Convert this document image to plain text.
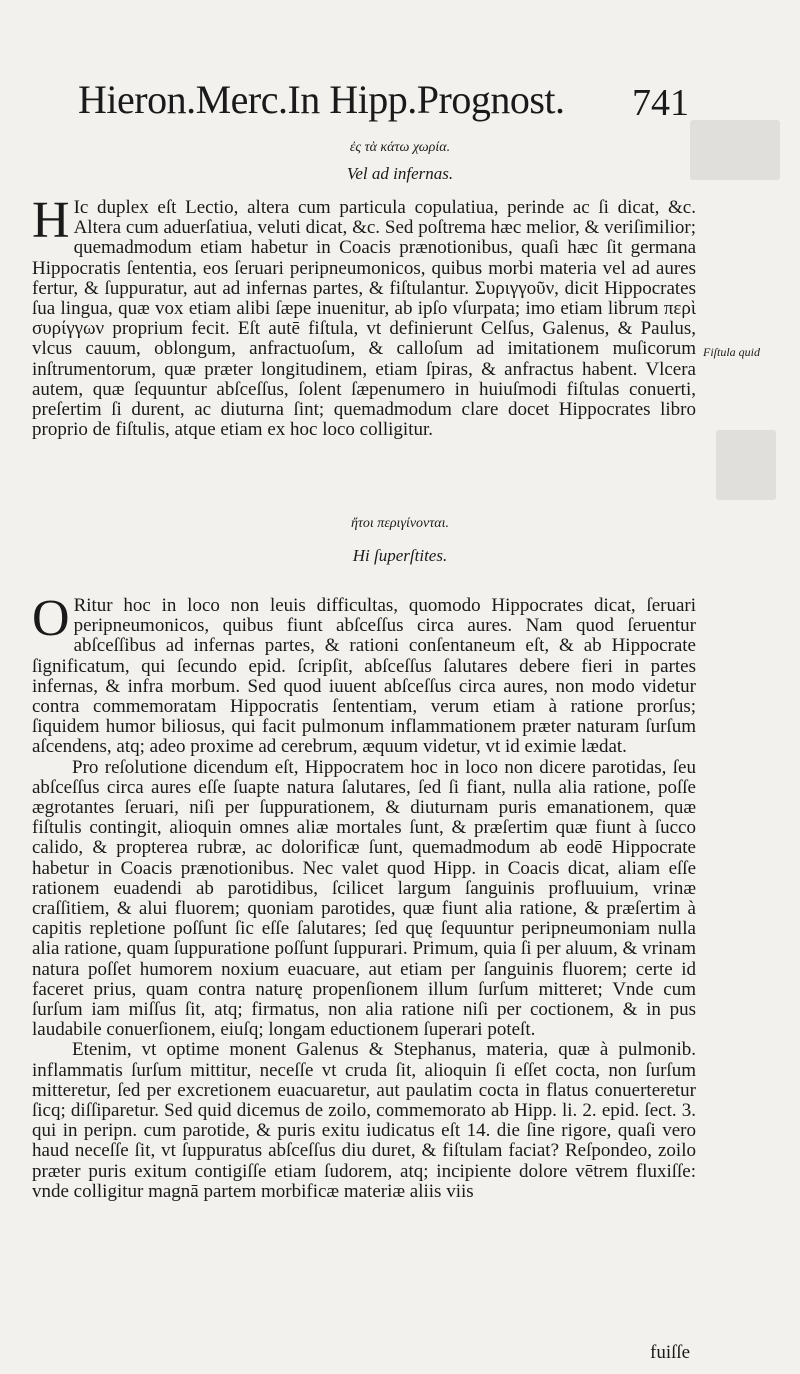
Hieron.Merc.In Hipp.Prognost. 741
ἐς τὰ κάτω χωρία.
Vel ad infernas.

H Ic duplex eſt Lectio, altera cum particula copulatiua, perinde ac ſi dicat, &c. Altera cum aduerſatiua, veluti dicat, &c. Sed poſtrema hæc melior, & veriſimilior; quemadmodum etiam habetur in Coacis prænotionibus, quaſi hæc ſit germana Hippocratis ſententia, eos ſeruari peripneumonicos, quibus morbi materia vel ad aures fertur, & ſuppuratur, aut ad infernas partes, & fiſtulantur. Συριγγοῦν, dicit Hippocrates ſua lingua, quæ vox etiam alibi ſæpe inuenitur, ab ipſo vſurpata; imo etiam librum περὶ συρίγγων proprium fecit. Eſt autē fiſtula, vt definierunt Celſus, Galenus, & Paulus, vlcus cauum, oblongum, anfractuoſum, & calloſum ad imitationem muſicorum inſtrumentorum, quæ præter longitudinem, etiam ſpiras, & anfractus habent. Vlcera autem, quæ ſequuntur abſceſſus, ſolent ſæpenumero in huiuſmodi fiſtulas conuerti, preſertim ſi durent, ac diuturna ſint; quemadmodum clare docet Hippocrates libro proprio de fiſtulis, atque etiam ex hoc loco colligitur.

Fiſtula quid
ἤτοι περιγίνονται.
Hi ſuperſtites.

O Ritur hoc in loco non leuis difficultas, quomodo Hippocrates dicat, ſeruari peripneumonicos, quibus fiunt abſceſſus circa aures. Nam quod ſeruentur abſceſſibus ad infernas partes, & rationi conſentaneum eſt, & ab Hippocrate ſignificatum, qui ſecundo epid. ſcripſit, abſceſſus ſalutares debere fieri in partes infernas, & infra morbum. Sed quod iuuent abſceſſus circa aures, non modo videtur contra commemoratam Hippocratis ſententiam, verum etiam à ratione prorſus; ſiquidem humor biliosus, qui facit pulmonum inflammationem præter naturam ſurſum aſcendens, atq; adeo proxime ad cerebrum, æquum videtur, vt id eximie lædat.

Pro reſolutione dicendum eſt, Hippocratem hoc in loco non dicere parotidas, ſeu abſceſſus circa aures eſſe ſuapte natura ſalutares, ſed ſi fiant, nulla alia ratione, poſſe ægrotantes ſeruari, niſi per ſuppurationem, & diuturnam puris emanationem, quæ fiſtulis contingit, alioquin omnes aliæ mortales ſunt, & præſertim quæ fiunt à ſucco calido, & propterea rubræ, ac dolorificæ ſunt, quemadmodum ab eodē Hippocrate habetur in Coacis prænotionibus. Nec valet quod Hipp. in Coacis dicat, aliam eſſe rationem euadendi ab parotidibus, ſcilicet largum ſanguinis profluuium, vrinæ craſſitiem, & alui fluorem; quoniam parotides, quæ fiunt alia ratione, & præſertim à capitis repletione poſſunt ſic eſſe ſalutares; ſed quę ſequuntur peripneumoniam nulla alia ratione, quam ſuppuratione poſſunt ſuppurari. Primum, quia ſi per aluum, & vrinam natura poſſet humorem noxium euacuare, aut etiam per ſanguinis fluorem; certe id faceret prius, quam contra naturę propenſionem illum ſurſum mitteret; Vnde cum ſurſum iam miſſus ſit, atq; firmatus, non alia ratione niſi per coctionem, & in pus laudabile conuerſionem, eiuſq; longam eductionem ſuperari poteſt.

Etenim, vt optime monent Galenus & Stephanus, materia, quæ à pulmonib. inflammatis ſurſum mittitur, neceſſe vt cruda ſit, alioquin ſi eſſet cocta, non ſurſum mitteretur, ſed per excretionem euacuaretur, aut paulatim cocta in flatus conuerteretur ſicq; diſſiparetur. Sed quid dicemus de zoilo, commemorato ab Hipp. li. 2. epid. ſect. 3. qui in peripn. cum parotide, & puris exitu iudicatus eſt 14. die ſine rigore, quaſi vero haud neceſſe ſit, vt ſuppuratus abſceſſus diu duret, & fiſtulam faciat? Reſpondeo, zoilo præter puris exitum contigiſſe etiam ſudorem, atq; incipiente dolore vētrem fluxiſſe: vnde colligitur magnā partem morbificæ materiæ aliis viis

fuiſſe
